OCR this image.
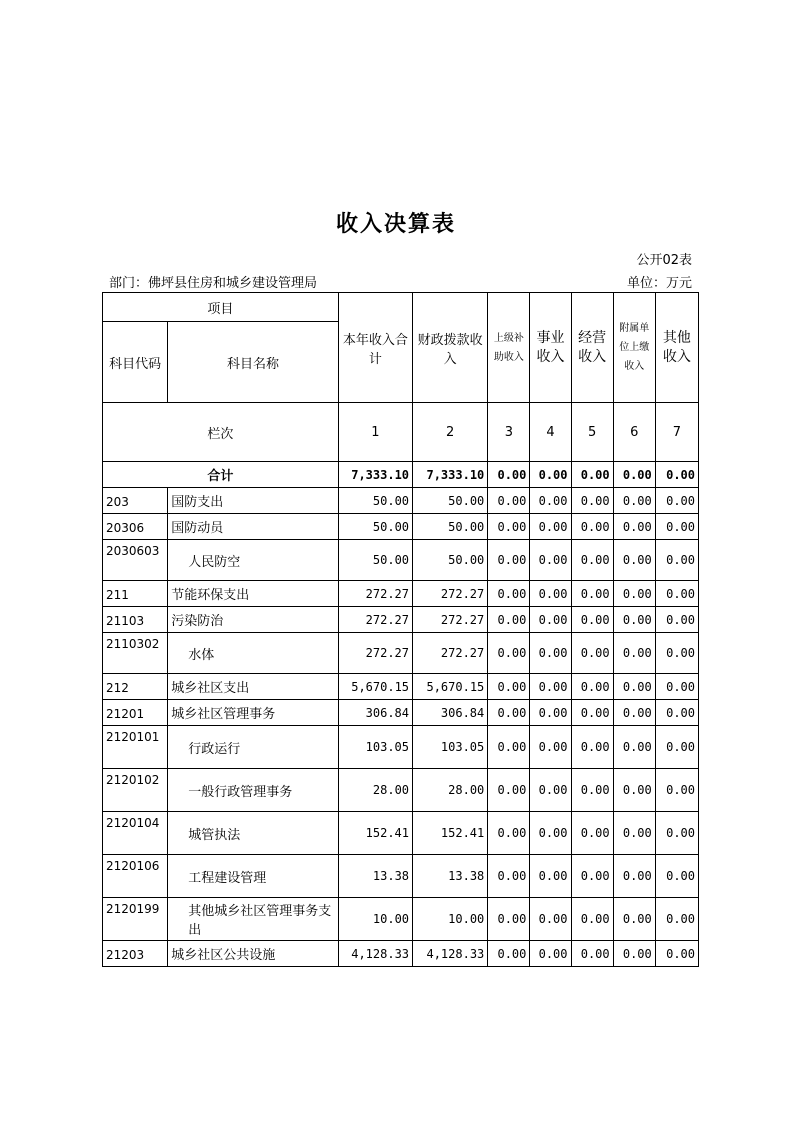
收入决算表
公开02表
部门：佛坪县住房和城乡建设管理局	单位：万元
项目		本年收入合计	财政拨款收入	上级补助收入	事业收入	经营收入	附属单位上缴收入	其他收入
科目代码	科目名称							
栏次		1	2	3	4	5	6	7
合计		7,333.10	7,333.10	0.00	0.00	0.00	0.00	0.00
203	国防支出	50.00	50.00	0.00	0.00	0.00	0.00	0.00
20306	国防动员	50.00	50.00	0.00	0.00	0.00	0.00	0.00
2030603	人民防空	50.00	50.00	0.00	0.00	0.00	0.00	0.00
211	节能环保支出	272.27	272.27	0.00	0.00	0.00	0.00	0.00
21103	污染防治	272.27	272.27	0.00	0.00	0.00	0.00	0.00
2110302	水体	272.27	272.27	0.00	0.00	0.00	0.00	0.00
212	城乡社区支出	5,670.15	5,670.15	0.00	0.00	0.00	0.00	0.00
21201	城乡社区管理事务	306.84	306.84	0.00	0.00	0.00	0.00	0.00
2120101	行政运行	103.05	103.05	0.00	0.00	0.00	0.00	0.00
2120102	一般行政管理事务	28.00	28.00	0.00	0.00	0.00	0.00	0.00
2120104	城管执法	152.41	152.41	0.00	0.00	0.00	0.00	0.00
2120106	工程建设管理	13.38	13.38	0.00	0.00	0.00	0.00	0.00
2120199	其他城乡社区管理事务支出	10.00	10.00	0.00	0.00	0.00	0.00	0.00
21203	城乡社区公共设施	4,128.33	4,128.33	0.00	0.00	0.00	0.00	0.00
